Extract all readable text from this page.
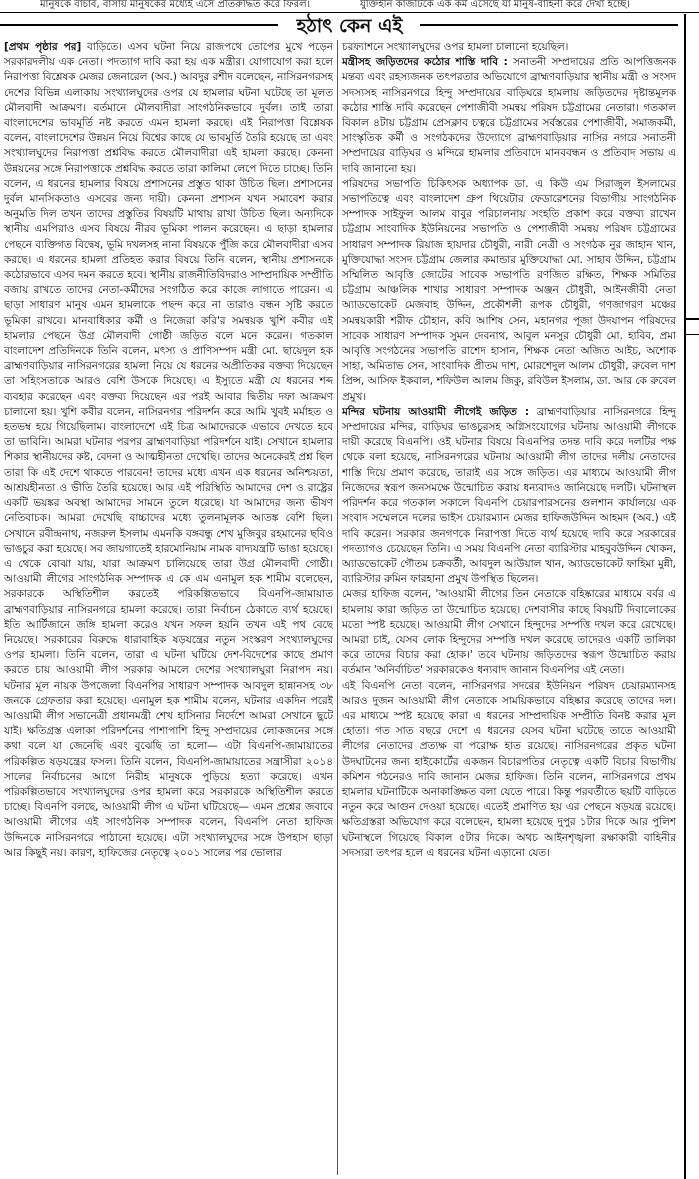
মানুষকে বাঁচাব, বাসায় মানুষকের মধ্যেই এসে প্রতিরুদ্ধিত করে ফিরল।	যুক্তিহীন কাজটিকে এক কর্ম এসেছে যা মানুষ-বাহিনী করে দেখা হচ্ছে।
হঠাৎ কেন এই

[প্রথম পৃষ্ঠার পর] বাড়িতে। এসব ঘটনা নিয়ে রাজপথে তোপের মুখে পড়েন সরকারদলীয় এক নেতা। পদত্যাগ দাবি করা হয় এক মন্ত্রীর। যোগাযোগ করা হলে নিরাপত্তা বিশ্লেষক মেজর জেনারেল (অব.) আবদুর রশীদ বলেছেন, নাসিরনগরসহ দেশের বিভিন্ন এলাকায় সংখ্যালঘুদের ওপর যে হামলার ঘটনা ঘটেছে তা মূলত মৌলবাদী আক্রমণ। বর্তমানে মৌলবাদীরা সাংগঠনিকভাবে দুর্বল। তাই তারা বাংলাদেশের ভাবমূর্তি নষ্ট করতে এমন হামলা করছে। এই নিরাপত্তা বিশ্লেষক বলেন, বাংলাদেশের উন্নয়ন নিয়ে বিশ্বের কাছে যে ভাবমূর্তি তৈরি হয়েছে তা এবং সংখ্যালঘুদের নিরাপত্তা প্রশ্নবিদ্ধ করতে মৌলবাদীরা এই হামলা করছে। কেননা উন্নয়নের সঙ্গে নিরাপত্তাকে প্রশ্নবিদ্ধ করতে তারা কালিমা লেপে দিতে চাচ্ছে। তিনি বলেন, এ ধরনের হামলার বিষয়ে প্রশাসনের প্রস্তুত থাকা উচিত ছিল। প্রশাসনের দুর্বল মানসিকতাও এসবের জন্য দায়ী। কেননা প্রশাসন যখন সমাবেশ করার অনুমতি দিল তখন তাদের প্রস্তুতির বিষয়টি মাথায় রাখা উচিত ছিল। অন্যদিকে স্থানীয় এমপিরাও এসব বিষয়ে নীরব ভূমিকা পালন করেছেন। এ ছাড়া হামলার পেছনে ব্যক্তিগত বিদ্বেষ, ভূমি দখলসহ নানা বিষয়কে পুঁজি করে মৌলবাদীরা এসব করছে। এ ধরনের হামলা প্রতিহত করার বিষয়ে তিনি বলেন, স্থানীয় প্রশাসনকে কঠোরভাবে এসব দমন করতে হবে। স্থানীয় রাজনীতিবিদরাও সাম্প্রদায়িক সম্প্রীতি বজায় রাখতে তাদের নেতা-কর্মীদের সংগঠিত করে কাজে লাগাতে পারেন। এ ছাড়া সাধারণ মানুষ এমন হামলাকে পছন্দ করে না তারাও বন্ধন সৃষ্টি করতে ভূমিকা রাখবে। মানবাধিকার কর্মী ও নিজেরা করি'র সমন্বয়ক খুশি কবীর এই হামলার পেছনে উগ্র মৌলবাদী গোষ্ঠী জড়িত বলে মনে করেন। গতকাল বাংলাদেশ প্রতিদিনকে তিনি বলেন, মৎস্য ও প্রাণিসম্পদ মন্ত্রী মো. ছায়েদুল হক ব্রাহ্মণবাড়িয়ার নাসিরনগরের হামলা নিয়ে যে ধরনের অপ্রীতিকর বক্তব্য দিয়েছেন তা সহিংসতাকে আরও বেশি উসকে দিয়েছে। এ ইস্যুতে মন্ত্রী যে ধরনের শব্দ ব্যবহার করেছেন এবং বক্তব্য দিয়েছেন এর পরই আবার দ্বিতীয় দফা আক্রমণ চালানো হয়। খুশি কবীর বলেন, নাসিরনগর পরিদর্শন করে আমি খুবই মর্মাহত ও হতভম্ব হয়ে গিয়েছিলাম। বাংলাদেশে এই চিত্র আমাদেরকে এভাবে দেখতে হবে তা ভাবিনি। আমরা ঘটনার পরপর ব্রাহ্মণবাড়িয়া পরিদর্শনে যাই। সেখানে হামলার শিকার স্থানীয়দের কষ্ট, বেদনা ও আত্মহীনতা দেখেছি। তাদের অনেকেরই প্রশ্ন ছিল তারা কি এই দেশে থাকতে পারবেন! তাদের মধ্যে এখন এক ধরনের অনিশ্চয়তা, আশ্রয়হীনতা ও ভীতি তৈরি হয়েছে। আর এই পরিস্থিতি আমাদের দেশ ও রাষ্ট্রের একটি ভয়ঙ্কর অবস্থা আমাদের সামনে তুলে ধরেছে। যা আমাদের জন্য ভীষণ নেতিবাচক। আমরা দেখেছি বাচ্চাদের মধ্যে তুলনামূলক আতঙ্ক বেশি ছিল। সেখানে রবীন্দ্রনাথ, নজরুল ইসলাম এমনকি বঙ্গবন্ধু শেখ মুজিবুর রহমানের ছবিও ভাঙচুর করা হয়েছে। সব জায়গাতেই হারমোনিয়াম নামক বাদ্যযন্ত্রটি ভাঙা হয়েছে। এ থেকে বোঝা যায়, যারা আক্রমণ চালিয়েছে তারা উগ্র মৌলবাদী গোষ্ঠী। আওয়ামী লীগের সাংগঠনিক সম্পাদক এ কে এম এনামুল হক শামীম বলেছেন, সরকারকে অস্থিতিশীল করতেই পরিকল্পিতভাবে বিএনপি-জামায়াত ব্রাহ্মণবাড়িয়ার নাসিরনগরে হামলা করেছে। তারা নির্বাচন ঠেকাতে ব্যর্থ হয়েছে। ইতি আর্টিজানে জঙ্গি হামলা করেও যখন সফল হয়নি তখন এই পথ বেছে নিয়েছে। সরকারের বিরুদ্ধে ধারাবাহিক ষড়যন্ত্রের নতুন সংস্করণ সংখ্যালঘুদের ওপর হামলা। তিনি বলেন, তারা এ ঘটনা ঘটিয়ে দেশ-বিদেশের কাছে প্রমাণ করতে চায় আওয়ামী লীগ সরকার আমলে দেশের সংখ্যালঘুরা নিরাপদ নয়। ঘটনার মূল নায়ক উপজেলা বিএনপির সাধারণ সম্পাদক আবদুল হান্নানসহ ৩৮ জনকে গ্রেফতার করা হয়েছে। এনামুল হক শামীম বলেন, ঘটনার একদিন পরেই আওয়ামী লীগ সভানেত্রী প্রধানমন্ত্রী শেখ হাসিনার নির্দেশে আমরা সেখানে ছুটে যাই। ক্ষতিগ্রস্ত এলাকা পরিদর্শনের পাশাপাশি হিন্দু সম্প্রদায়ের লোকজনের সঙ্গে কথা বলে যা জেনেছি এবং বুঝেছি তা হলো— এটা বিএনপি-জামায়াতের পরিকল্পিত ষড়যন্ত্রের ফসল। তিনি বলেন, বিএনপি-জামায়াতের সন্ত্রাসীরা ২০১৪ সালের নির্বাচনের আগে নিরীহ মানুষকে পুড়িয়ে হত্যা করেছে। এখন পরিকল্পিতভাবে সংখ্যালঘুদের ওপর হামলা করে সরকারকে অস্থিতিশীল করতে চাচ্ছে। বিএনপি বলছে, আওয়ামী লীগ এ ঘটনা ঘটিয়েছে— এমন প্রশ্নের জবাবে আওয়ামী লীগের এই সাংগঠনিক সম্পাদক বলেন, বিএনপি নেতা হাফিজ উদ্দিনকে নাসিরনগরে পাঠানো হয়েছে। এটা সংখ্যালঘুদের সঙ্গে উপহাস ছাড়া আর কিছুই নয়। কারণ, হাফিজের নেতৃত্বে ২০০১ সালের পর ভোলার

চরফ্যাশনে সংখ্যালঘুদের ওপর হামলা চালানো হয়েছিল।

মন্ত্রীসহ জড়িতদের কঠোর শাস্তি দাবি : সনাতনী সম্প্রদায়ের প্রতি আপত্তিজনক মন্তব্য এবং রহস্যজনক তৎপরতার অভিযোগে ব্রাহ্মণবাড়িয়ার স্থানীয় মন্ত্রী ও সংসদ সদস্যসহ নাসিরনগরে হিন্দু সম্প্রদায়ের বাড়িঘরে হামলায় জড়িতদের দৃষ্টান্তমূলক কঠোর শাস্তি দাবি করেছেন পেশাজীবী সমন্বয় পরিষদ চট্টগ্রামের নেতারা। গতকাল বিকাল ৪টায় চট্টগ্রাম প্রেসক্লাব চত্বরে চট্টগ্রামের সর্বস্তরের পেশাজীবী, সমাজকর্মী, সাংস্কৃতিক কর্মী ও সংগঠকদের উদ্যোগে ব্রাহ্মণবাড়িয়ার নাসির নগরে সনাতনী সম্প্রদায়ের বাড়িঘর ও মন্দিরে হামলার প্রতিবাদে মানববন্ধন ও প্রতিবাদ সভায় এ দাবি জানানো হয়।

পরিষদের সভাপতি চিকিৎসক অধ্যাপক ডা. এ কিউ এম সিরাজুল ইসলামের সভাপতিত্বে এবং বাংলাদেশ গ্রুপ থিয়েটার ফেডারেশনের বিভাগীয় সাংগঠনিক সম্পাদক সাইফুল আলম বাবুর পরিচালনায় সংহতি প্রকাশ করে বক্তব্য রাখেন চট্টগ্রাম সাংবাদিক ইউনিয়নের সভাপতি ও পেশাজীবী সমন্বয় পরিষদ চট্টগ্রামের সাধারণ সম্পাদক রিয়াজ হায়দার চৌধুরী, নারী নেত্রী ও সংগঠক নুর জাহান খান, মুক্তিযোদ্ধা সংসদ চট্টগ্রাম জেলার কমান্ডার মুক্তিযোদ্ধা মো. সাহাব উদ্দিন, চট্টগ্রাম সম্মিলিত আবৃত্তি জোটের সাবেক সভাপতি রণজিত রক্ষিত, শিক্ষক সমিতির চট্টগ্রাম আঞ্চলিক শাখার সাধারণ সম্পাদক অঞ্জন চৌধুরী, আইনজীবী নেতা অ্যাডভোকেট মেজবাহ উদ্দিন, প্রকৌশলী রূপক চৌধুরী, গণজাগরণ মঞ্চের সমন্বয়কারী শরীফ চৌহান, কবি আশিষ সেন, মহানগর পূজা উদযাপন পরিষদের সাবেক সাধারণ সম্পাদক সুমন দেবনাথ, আবুল মনসুর চৌধুরী মো. হাবিব, প্রমা আবৃত্তি সংগঠনের সভাপতি রাশেদ হাসান, শিক্ষক নেতা অজিত আইচ, অশোক সাহা, অমিতাভ সেন, সাংবাদিক প্রীতম দাশ, মোরশেদুল আলম চৌধুরী, রুবেল দাশ প্রিন্স, আসিফ ইকবাল, শফিউল আলম জিকু, রবিউল ইসলাম, ডা. আর কে রুবেল প্রমুখ।

মন্দির ঘটনায় আওয়ামী লীগেই জড়িত : ব্রাহ্মণবাড়িয়ার নাসিরনগরে হিন্দু সম্প্রদায়ের মন্দির, বাড়িঘর ভাঙচুরসহ অগ্নিসংযোগের ঘটনায় আওয়ামী লীগকে দায়ী করেছে বিএনপি। ওই ঘটনার বিষয়ে বিএনপির তদন্ত দাবি করে দলটির পক্ষ থেকে বলা হয়েছে, নাসিরনগরের ঘটনায় আওয়ামী লীগ তাদের দলীয় নেতাদের শাস্তি দিয়ে প্রমাণ করেছে, তারাই এর সঙ্গে জড়িত। এর মাধ্যমে আওয়ামী লীগ নিজেদের স্বরূপ জনসমক্ষে উন্মোচিত করায় ধন্যবাদও জানিয়েছে দলটি। ঘটনাস্থল পরিদর্শন করে গতকাল সকালে বিএনপি চেয়ারপারসনের গুলশান কার্যালয়ে এক সংবাদ সম্মেলনে দলের ভাইস চেয়ারম্যান মেজর হাফিজউদ্দিন আহমদ (অব.) এই দাবি করেন। সরকার জনগণকে নিরাপত্তা দিতে ব্যর্থ হয়েছে দাবি করে সরকারের পদত্যাগও চেয়েছেন তিনি। এ সময় বিএনপি নেতা ব্যারিস্টার মাহবুবউদ্দিন খোকন, অ্যাডভোকেট গৌতম চক্রবর্তী, আবদুল আউয়াল খান, অ্যাডভোকেট ফাহিমা মুন্নী, ব্যারিস্টার রুমিন ফারহানা প্রমুখ উপস্থিত ছিলেন।

মেজর হাফিজ বলেন, 'আওয়ামী লীগের তিন নেতাকে বহিষ্কারের মাধ্যমে বর্বর এ হামলায় কারা জড়িত তা উন্মোচিত হয়েছে। দেশবাসীর কাছে বিষয়টি দিবালোকের মতো স্পষ্ট হয়েছে। আওয়ামী লীগ সেখানে হিন্দুদের সম্পত্তি দখল করে রেখেছে। আমরা চাই, যেসব লোক হিন্দুদের সম্পত্তি দখল করেছে তাদেরও একটি তালিকা করে তাদের বিচার করা হোক।' তবে ঘটনায় জড়িতদের স্বরূপ উন্মোচিত করায় বর্তমান 'অনির্বাচিত' সরকারকেও ধন্যবাদ জানান বিএনপির এই নেতা।

এই বিএনপি নেতা বলেন, নাসিরনগর সদরের ইউনিয়ন পরিষদ চেয়ারম্যানসহ আরও দুজন আওয়ামী লীগ নেতাকে সাময়িকভাবে বহিষ্কার করেছে তাদের দল। এর মাধ্যমে স্পষ্ট হয়েছে কারা এ ধরনের সাম্প্রদায়িক সম্প্রীতি বিনষ্ট করার মূল হোতা। গত সাত বছরে দেশে এ ধরনের যেসব ঘটনা ঘটেছে তাতে আওয়ামী লীগের নেতাদের প্রত্যক্ষ বা পরোক্ষ হাত রয়েছে। নাসিরনগরের প্রকৃত ঘটনা উদঘাটনের জন্য হাইকোর্টের একজন বিচারপতির নেতৃত্বে একটি বিচার বিভাগীয় কমিশন গঠনেরও দাবি জানান মেজর হাফিজ। তিনি বলেন, নাসিরনগরে প্রথম হামলার ঘটনাটিকে অনাকাঙ্ক্ষিত বলা যেতে পারে। কিন্তু পরবর্তীতে ছয়টি বাড়িতে নতুন করে আগুন দেওয়া হয়েছে। এতেই প্রমাণিত হয় এর পেছনে ষড়যন্ত্র রয়েছে। ক্ষতিগ্রস্তরা অভিযোগ করে বলেছেন, হামলা হয়েছে দুপুর ১টার দিকে আর পুলিশ ঘটনাস্থলে গিয়েছে বিকাল ৫টার দিকে। অথচ আইনশৃঙ্খলা রক্ষাকারী বাহিনীর সদস্যরা তৎপর হলে এ ধরনের ঘটনা এড়ানো যেত।
